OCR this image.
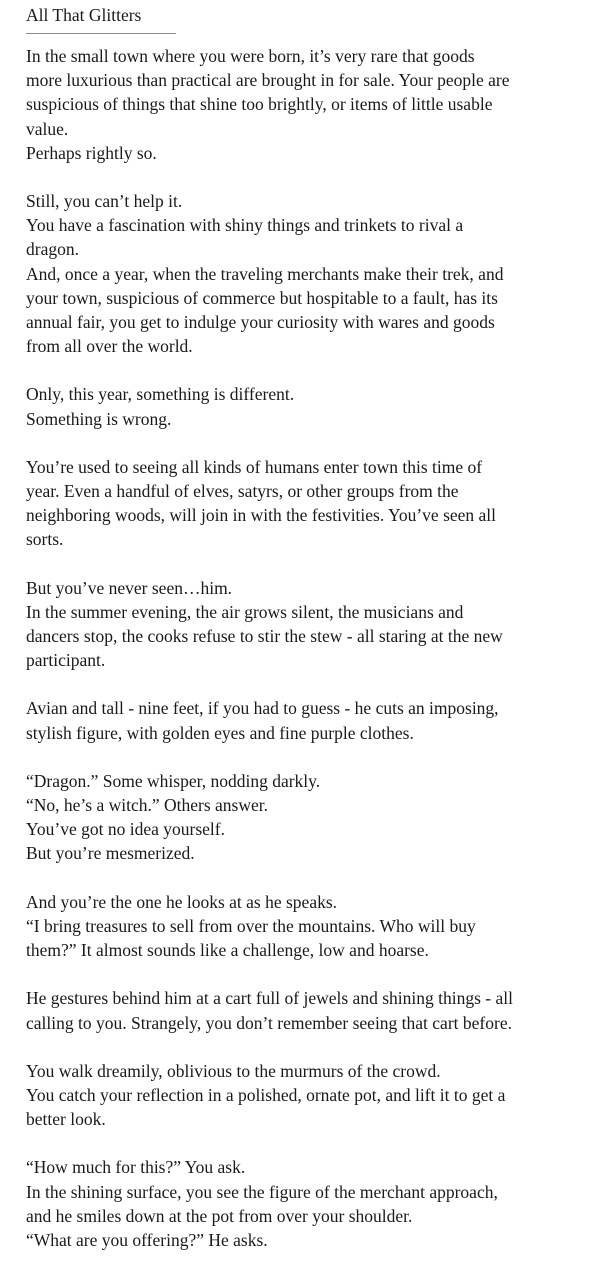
All That Glitters

In the small town where you were born, it’s very rare that goods
more luxurious than practical are brought in for sale. Your people are
suspicious of things that shine too brightly, or items of little usable
value.
Perhaps rightly so.

Still, you can’t help it.
You have a fascination with shiny things and trinkets to rival a
dragon.
And, once a year, when the traveling merchants make their trek, and
your town, suspicious of commerce but hospitable to a fault, has its
annual fair, you get to indulge your curiosity with wares and goods
from all over the world.

Only, this year, something is different.
Something is wrong.

You’re used to seeing all kinds of humans enter town this time of
year. Even a handful of elves, satyrs, or other groups from the
neighboring woods, will join in with the festivities. You’ve seen all
sorts.

But you’ve never seen…him.
In the summer evening, the air grows silent, the musicians and
dancers stop, the cooks refuse to stir the stew - all staring at the new
participant.

Avian and tall - nine feet, if you had to guess - he cuts an imposing,
stylish figure, with golden eyes and fine purple clothes.

“Dragon.” Some whisper, nodding darkly.
“No, he’s a witch.” Others answer.
You’ve got no idea yourself.
But you’re mesmerized.

And you’re the one he looks at as he speaks.
“I bring treasures to sell from over the mountains. Who will buy
them?” It almost sounds like a challenge, low and hoarse.

He gestures behind him at a cart full of jewels and shining things - all
calling to you. Strangely, you don’t remember seeing that cart before.

You walk dreamily, oblivious to the murmurs of the crowd.
You catch your reflection in a polished, ornate pot, and lift it to get a
better look.

“How much for this?” You ask.
In the shining surface, you see the figure of the merchant approach,
and he smiles down at the pot from over your shoulder.
“What are you offering?” He asks.
